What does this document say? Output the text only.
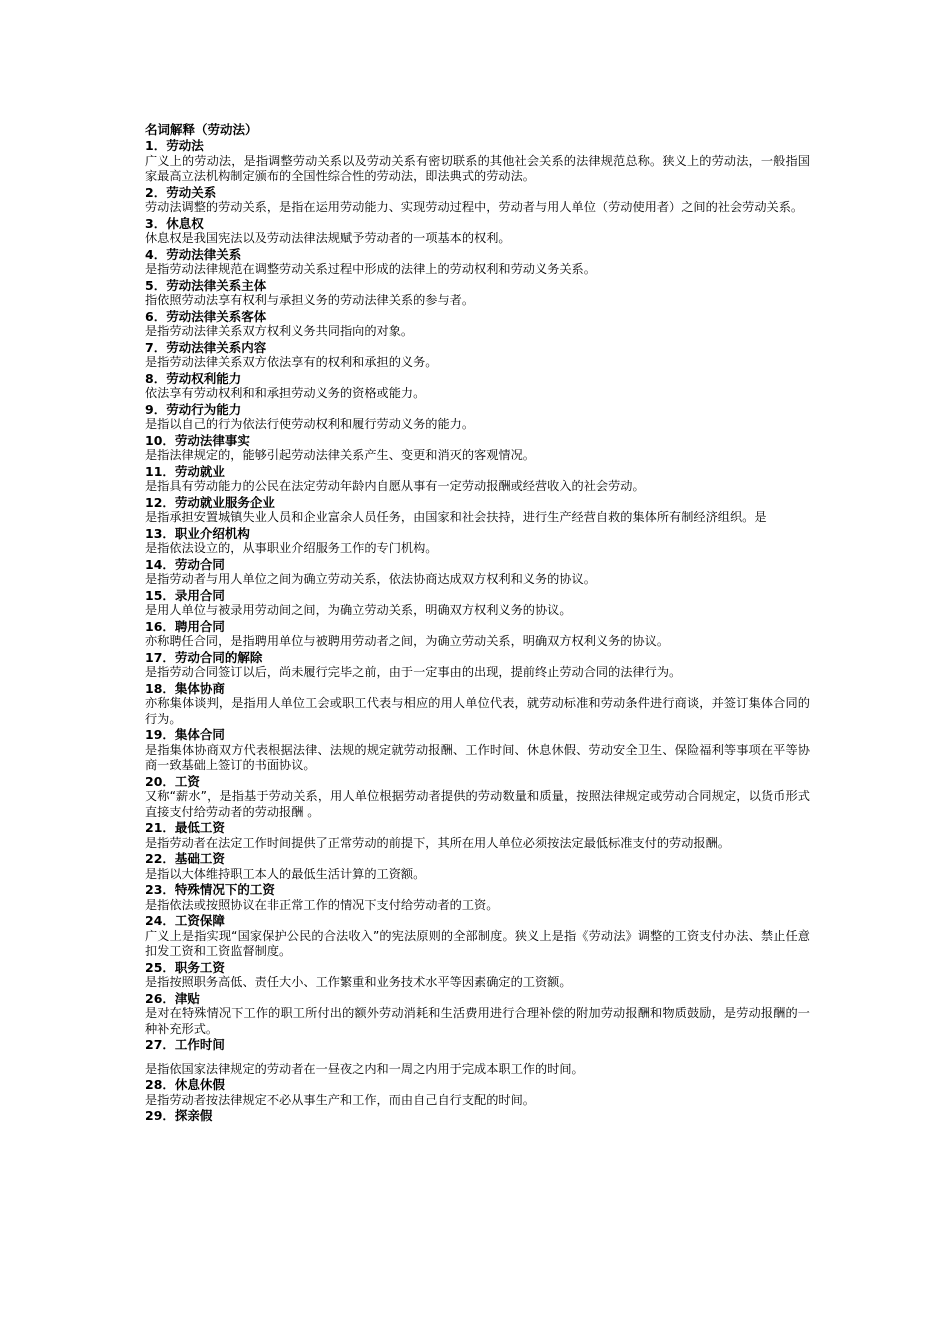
名词解释（劳动法）
1．劳动法
广义上的劳动法，是指调整劳动关系以及劳动关系有密切联系的其他社会关系的法律规范总称。狭义上的劳动法，一般指国家最高立法机构制定颁布的全国性综合性的劳动法，即法典式的劳动法。
2．劳动关系
劳动法调整的劳动关系，是指在运用劳动能力、实现劳动过程中，劳动者与用人单位（劳动使用者）之间的社会劳动关系。
3．休息权
休息权是我国宪法以及劳动法律法规赋予劳动者的一项基本的权利。
4．劳动法律关系
是指劳动法律规范在调整劳动关系过程中形成的法律上的劳动权利和劳动义务关系。
5．劳动法律关系主体
指依照劳动法享有权利与承担义务的劳动法律关系的参与者。
6．劳动法律关系客体
是指劳动法律关系双方权利义务共同指向的对象。
7．劳动法律关系内容
是指劳动法律关系双方依法享有的权利和承担的义务。
8．劳动权利能力
依法享有劳动权利和和承担劳动义务的资格或能力。
9．劳动行为能力
是指以自己的行为依法行使劳动权利和履行劳动义务的能力。
10．劳动法律事实
是指法律规定的，能够引起劳动法律关系产生、变更和消灭的客观情况。
11．劳动就业
是指具有劳动能力的公民在法定劳动年龄内自愿从事有一定劳动报酬或经营收入的社会劳动。
12．劳动就业服务企业
是指承担安置城镇失业人员和企业富余人员任务，由国家和社会扶持，进行生产经营自救的集体所有制经济组织。是
13．职业介绍机构
是指依法设立的，从事职业介绍服务工作的专门机构。
14．劳动合同
是指劳动者与用人单位之间为确立劳动关系，依法协商达成双方权利和义务的协议。
15．录用合同
是用人单位与被录用劳动间之间，为确立劳动关系，明确双方权利义务的协议。
16．聘用合同
亦称聘任合同，是指聘用单位与被聘用劳动者之间，为确立劳动关系，明确双方权利义务的协议。
17．劳动合同的解除
是指劳动合同签订以后，尚未履行完毕之前，由于一定事由的出现，提前终止劳动合同的法律行为。
18．集体协商
亦称集体谈判，是指用人单位工会或职工代表与相应的用人单位代表，就劳动标准和劳动条件进行商谈，并签订集体合同的行为。
19．集体合同
是指集体协商双方代表根据法律、法规的规定就劳动报酬、工作时间、休息休假、劳动安全卫生、保险福利等事项在平等协商一致基础上签订的书面协议。
20．工资
又称“薪水”，是指基于劳动关系，用人单位根据劳动者提供的劳动数量和质量，按照法律规定或劳动合同规定，以货币形式直接支付给劳动者的劳动报酬 。
21．最低工资
是指劳动者在法定工作时间提供了正常劳动的前提下，其所在用人单位必须按法定最低标准支付的劳动报酬。
22．基础工资
是指以大体维持职工本人的最低生活计算的工资额。
23．特殊情况下的工资
是指依法或按照协议在非正常工作的情况下支付给劳动者的工资。
24．工资保障
广义上是指实现“国家保护公民的合法收入”的宪法原则的全部制度。狭义上是指《劳动法》调整的工资支付办法、禁止任意扣发工资和工资监督制度。
25．职务工资
是指按照职务高低、责任大小、工作繁重和业务技术水平等因素确定的工资额。
26．津贴
是对在特殊情况下工作的职工所付出的额外劳动消耗和生活费用进行合理补偿的附加劳动报酬和物质鼓励，是劳动报酬的一种补充形式。
27．工作时间
是指依国家法律规定的劳动者在一昼夜之内和一周之内用于完成本职工作的时间。
28．休息休假
是指劳动者按法律规定不必从事生产和工作，而由自己自行支配的时间。
29．探亲假
